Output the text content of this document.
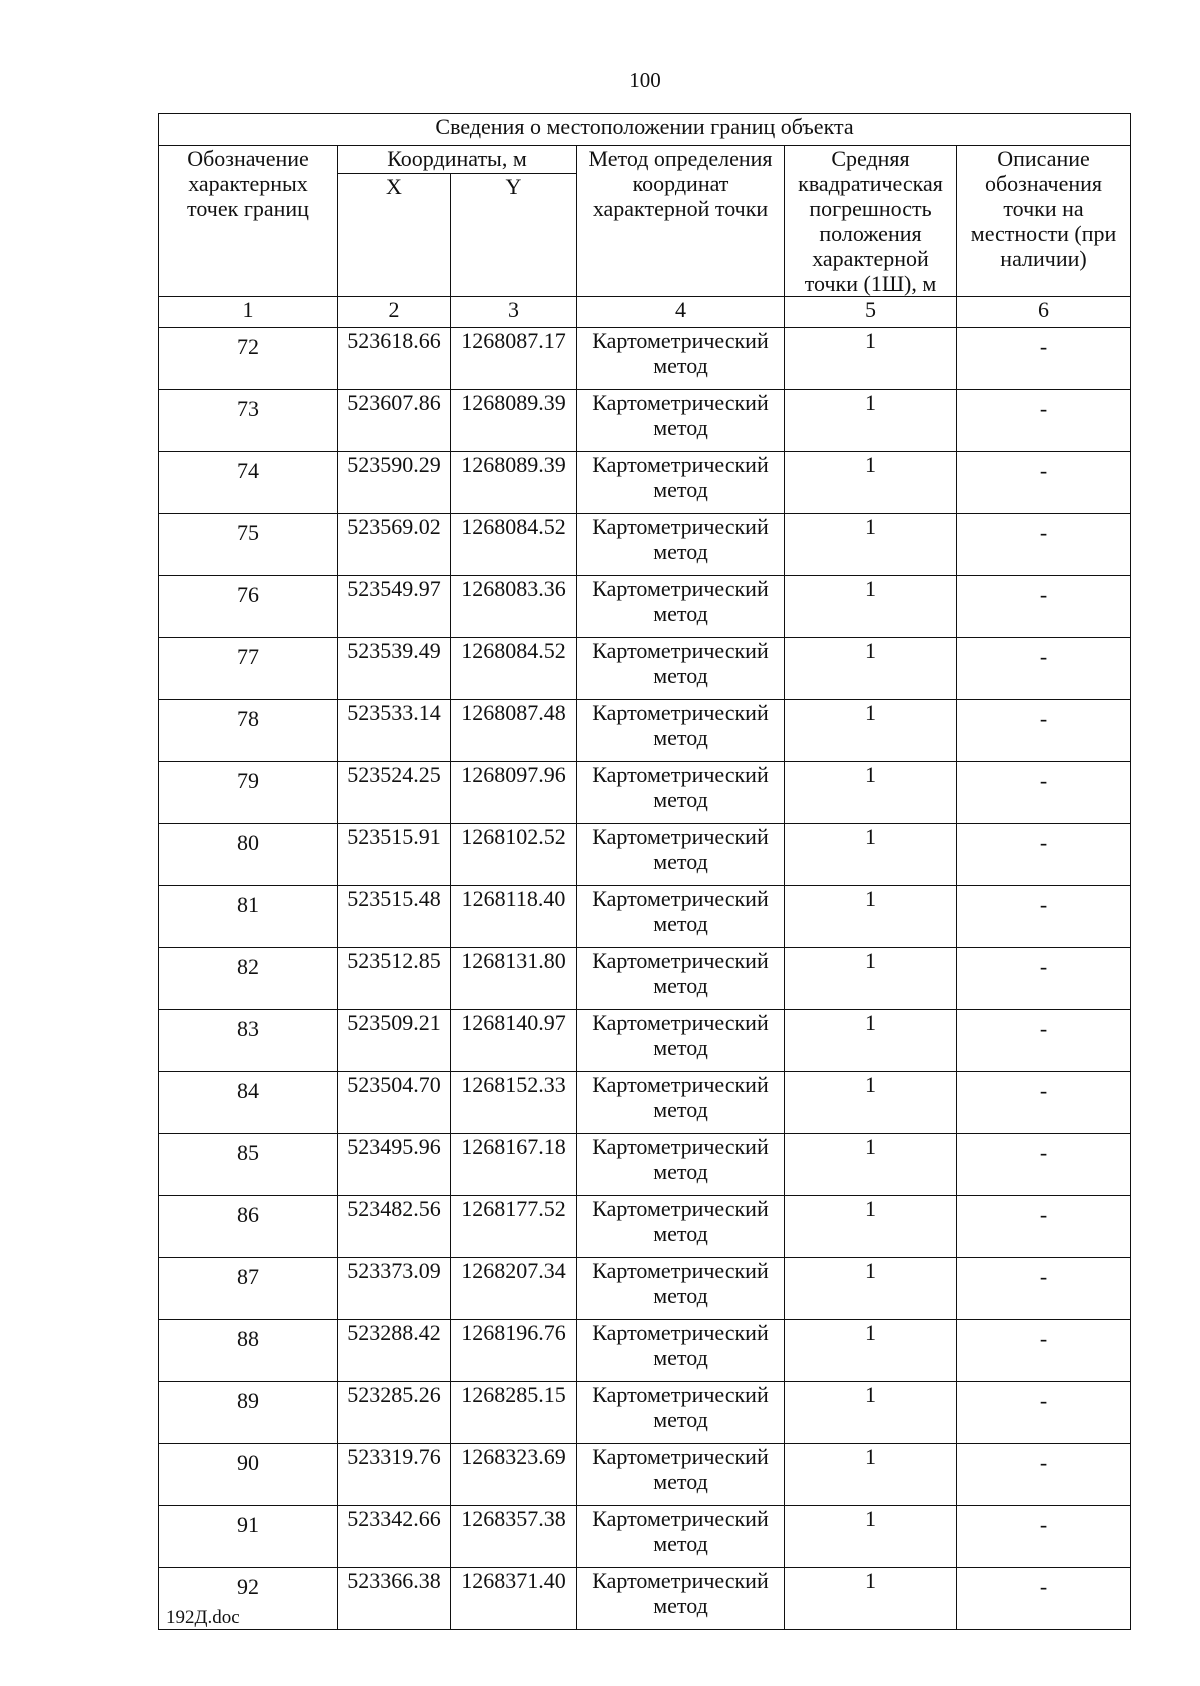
100
Сведения о местоположении границ объекта					
Обозначение характерных точек границ	Координаты, м		Метод определения координат характерной точки	Средняя квадратическая погрешность положения характерной точки (1Ш), м	Описание обозначения точки на местности (при наличии)
	X	Y			
1	2	3	4	5	6
72	523618.66	1268087.17	Картометрический метод	1	-
73	523607.86	1268089.39	Картометрический метод	1	-
74	523590.29	1268089.39	Картометрический метод	1	-
75	523569.02	1268084.52	Картометрический метод	1	-
76	523549.97	1268083.36	Картометрический метод	1	-
77	523539.49	1268084.52	Картометрический метод	1	-
78	523533.14	1268087.48	Картометрический метод	1	-
79	523524.25	1268097.96	Картометрический метод	1	-
80	523515.91	1268102.52	Картометрический метод	1	-
81	523515.48	1268118.40	Картометрический метод	1	-
82	523512.85	1268131.80	Картометрический метод	1	-
83	523509.21	1268140.97	Картометрический метод	1	-
84	523504.70	1268152.33	Картометрический метод	1	-
85	523495.96	1268167.18	Картометрический метод	1	-
86	523482.56	1268177.52	Картометрический метод	1	-
87	523373.09	1268207.34	Картометрический метод	1	-
88	523288.42	1268196.76	Картометрический метод	1	-
89	523285.26	1268285.15	Картометрический метод	1	-
90	523319.76	1268323.69	Картометрический метод	1	-
91	523342.66	1268357.38	Картометрический метод	1	-
92	523366.38	1268371.40	Картометрический метод	1	-
192Д.doc
